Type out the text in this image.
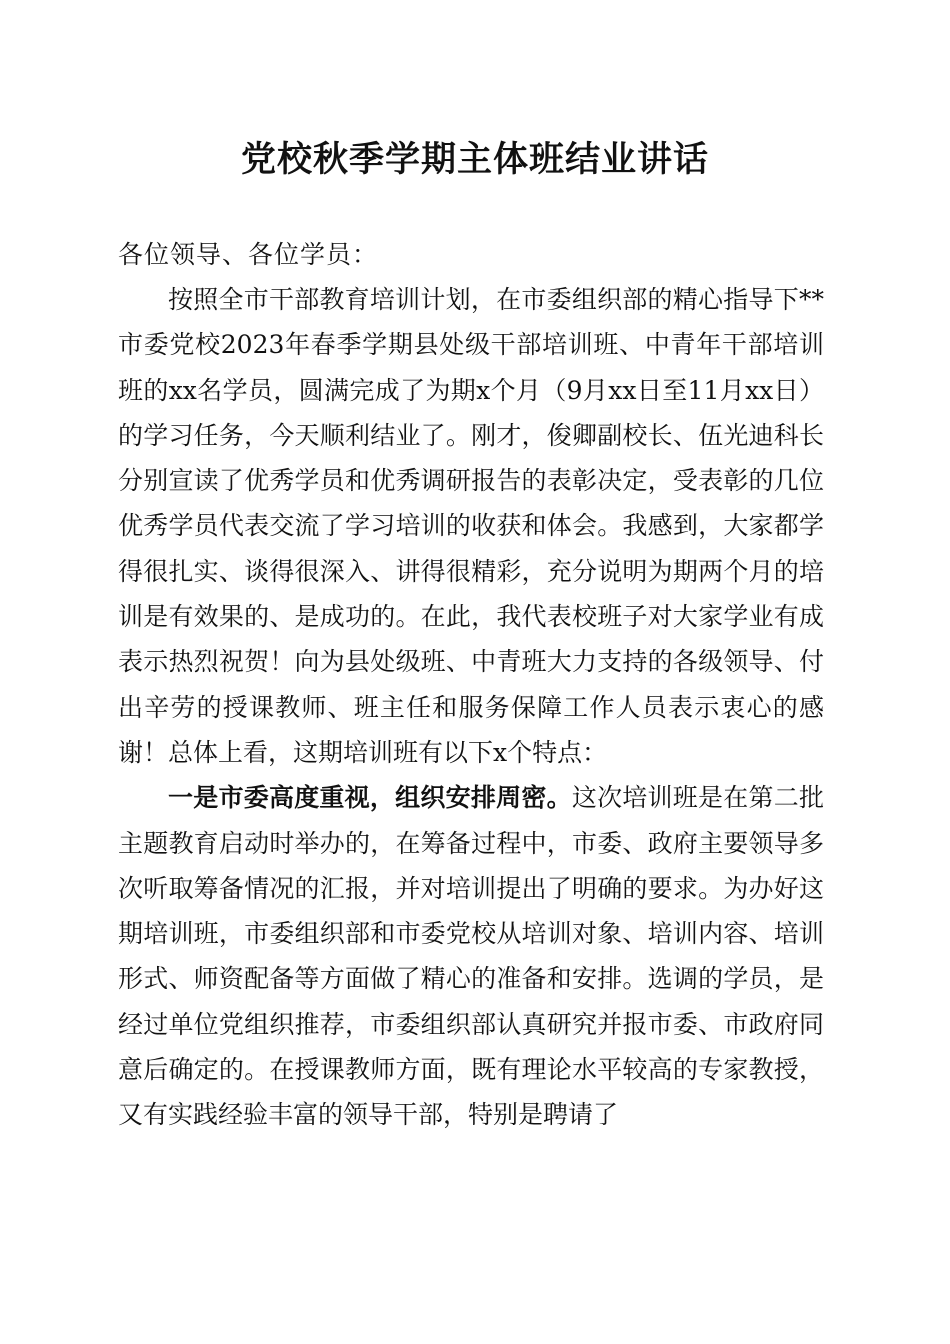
党校秋季学期主体班结业讲话

各位领导、各位学员：

按照全市干部教育培训计划，在市委组织部的精心指导下**市委党校2023年春季学期县处级干部培训班、中青年干部培训班的xx名学员，圆满完成了为期x个月（9月xx日至11月xx日）的学习任务，今天顺利结业了。刚才，俊卿副校长、伍光迪科长分别宣读了优秀学员和优秀调研报告的表彰决定，受表彰的几位优秀学员代表交流了学习培训的收获和体会。我感到，大家都学得很扎实、谈得很深入、讲得很精彩，充分说明为期两个月的培训是有效果的、是成功的。在此，我代表校班子对大家学业有成表示热烈祝贺！向为县处级班、中青班大力支持的各级领导、付出辛劳的授课教师、班主任和服务保障工作人员表示衷心的感谢！总体上看，这期培训班有以下x个特点：

一是市委高度重视，组织安排周密。这次培训班是在第二批主题教育启动时举办的，在筹备过程中，市委、政府主要领导多次听取筹备情况的汇报，并对培训提出了明确的要求。为办好这期培训班，市委组织部和市委党校从培训对象、培训内容、培训形式、师资配备等方面做了精心的准备和安排。选调的学员，是经过单位党组织推荐，市委组织部认真研究并报市委、市政府同意后确定的。在授课教师方面，既有理论水平较高的专家教授，又有实践经验丰富的领导干部，特别是聘请了
